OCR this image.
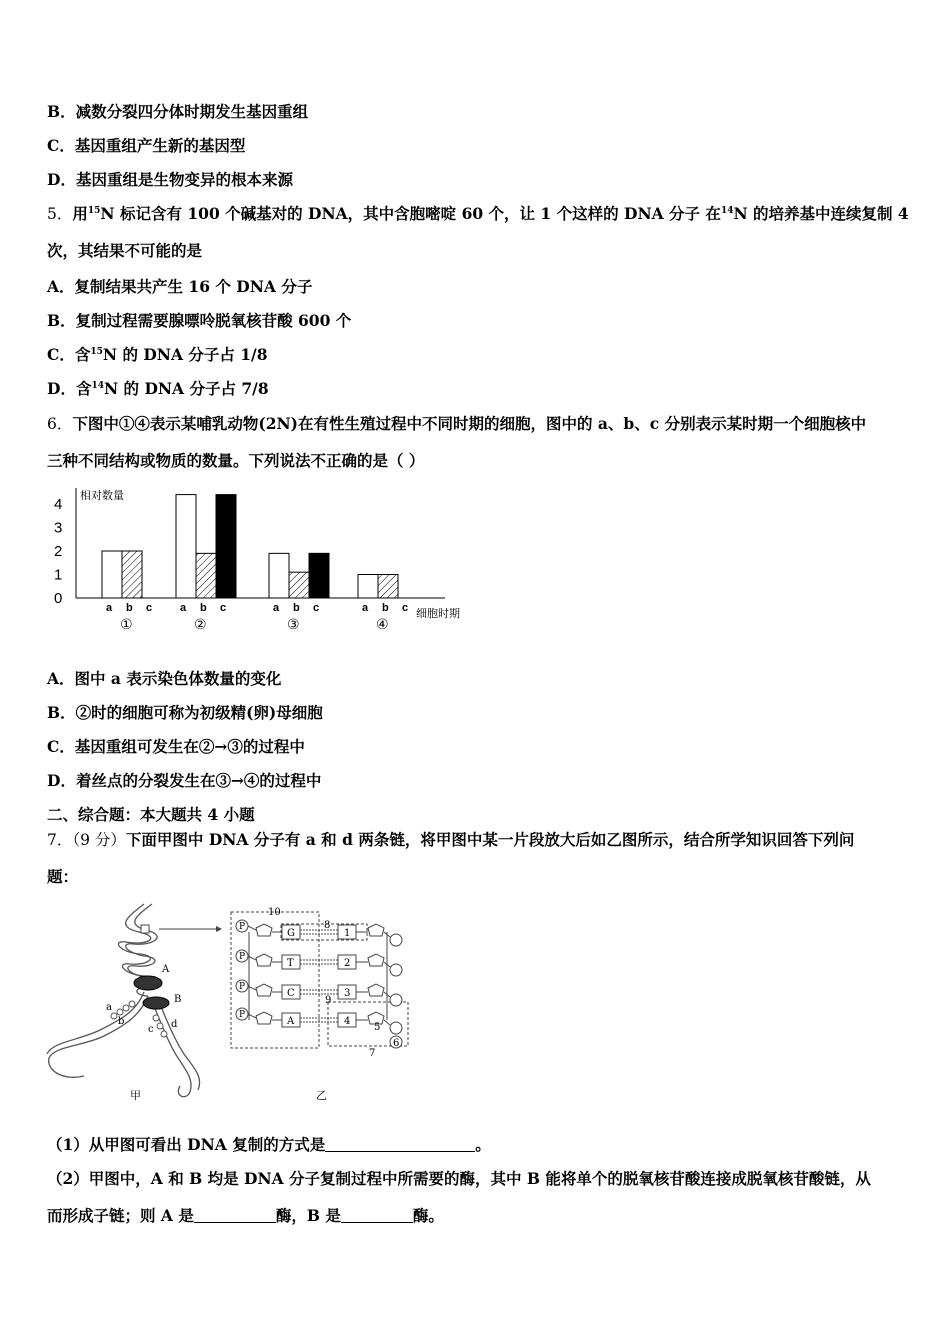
B．减数分裂四分体时期发生基因重组
C．基因重组产生新的基因型
D．基因重组是生物变异的根本来源
5．用$^{15}$N 标记含有 100 个碱基对的 DNA，其中含胞嘧啶 60 个，让 1 个这样的 DNA 分子 在$^{14}$N 的培养基中连续复制 4
次，其结果不可能的是
A．复制结果共产生 16 个 DNA 分子
B．复制过程需要腺嘌呤脱氧核苷酸 600 个
C．含$^{15}$N 的 DNA 分子占 1/8
D．含$^{14}$N 的 DNA 分子占 7/8
6．下图中①④表示某哺乳动物(2N)在有性生殖过程中不同时期的细胞，图中的 a、b、c 分别表示某时期一个细胞核中
三种不同结构或物质的数量。下列说法不正确的是（ ）
0
1
2
3
4 相对数量
a b c
①
a b c
②
a b c
③
a b c
④
细胞时期
A．图中 a 表示染色体数量的变化
B．②时的细胞可称为初级精(卵)母细胞
C．基因重组可发生在②→③的过程中
D．着丝点的分裂发生在③→④的过程中
二、综合题：本大题共 4 小题
7．（9 分）下面甲图中 DNA 分子有 a 和 d 两条链，将甲图中某一片段放大后如乙图所示，结合所学知识回答下列问
题：
A
B
a
b
c d
甲
P
G	1
P
T	2
P
C	3
P
A	4
10
8
9
5
6
7
乙
（1）从甲图可看出 DNA 复制的方式是	。
（2）甲图中，A 和 B 均是 DNA 分子复制过程中所需要的酶，其中 B 能将单个的脱氧核苷酸连接成脱氧核苷酸链，从
而形成子链；则 A 是	酶，B 是	酶。
